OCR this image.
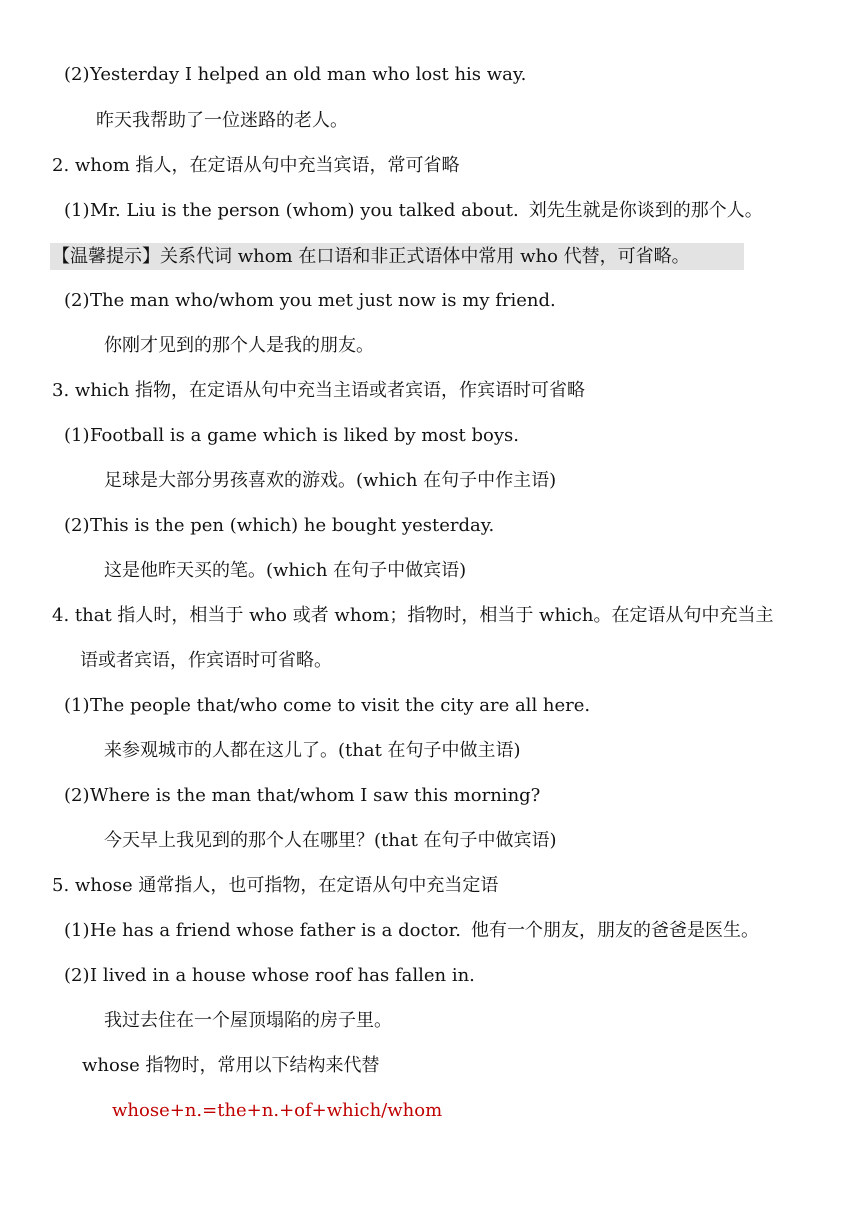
(2)Yesterday I helped an old man who lost his way.
昨天我帮助了一位迷路的老人。
2. whom 指人，在定语从句中充当宾语，常可省略
(1)Mr. Liu is the person (whom) you talked about. 刘先生就是你谈到的那个人。
【温馨提示】关系代词 whom 在口语和非正式语体中常用 who 代替，可省略。
(2)The man who/whom you met just now is my friend.
你刚才见到的那个人是我的朋友。
3. which 指物，在定语从句中充当主语或者宾语，作宾语时可省略
(1)Football is a game which is liked by most boys.
足球是大部分男孩喜欢的游戏。(which 在句子中作主语)
(2)This is the pen (which) he bought yesterday.
这是他昨天买的笔。(which 在句子中做宾语)
4. that 指人时，相当于 who 或者 whom；指物时，相当于 which。在定语从句中充当主
语或者宾语，作宾语时可省略。
(1)The people that/who come to visit the city are all here.
来参观城市的人都在这儿了。(that 在句子中做主语)
(2)Where is the man that/whom I saw this morning?
今天早上我见到的那个人在哪里？(that 在句子中做宾语)
5. whose 通常指人，也可指物，在定语从句中充当定语
(1)He has a friend whose father is a doctor. 他有一个朋友，朋友的爸爸是医生。
(2)I lived in a house whose roof has fallen in.
我过去住在一个屋顶塌陷的房子里。
whose 指物时，常用以下结构来代替
whose+n.=the+n.+of+which/whom
